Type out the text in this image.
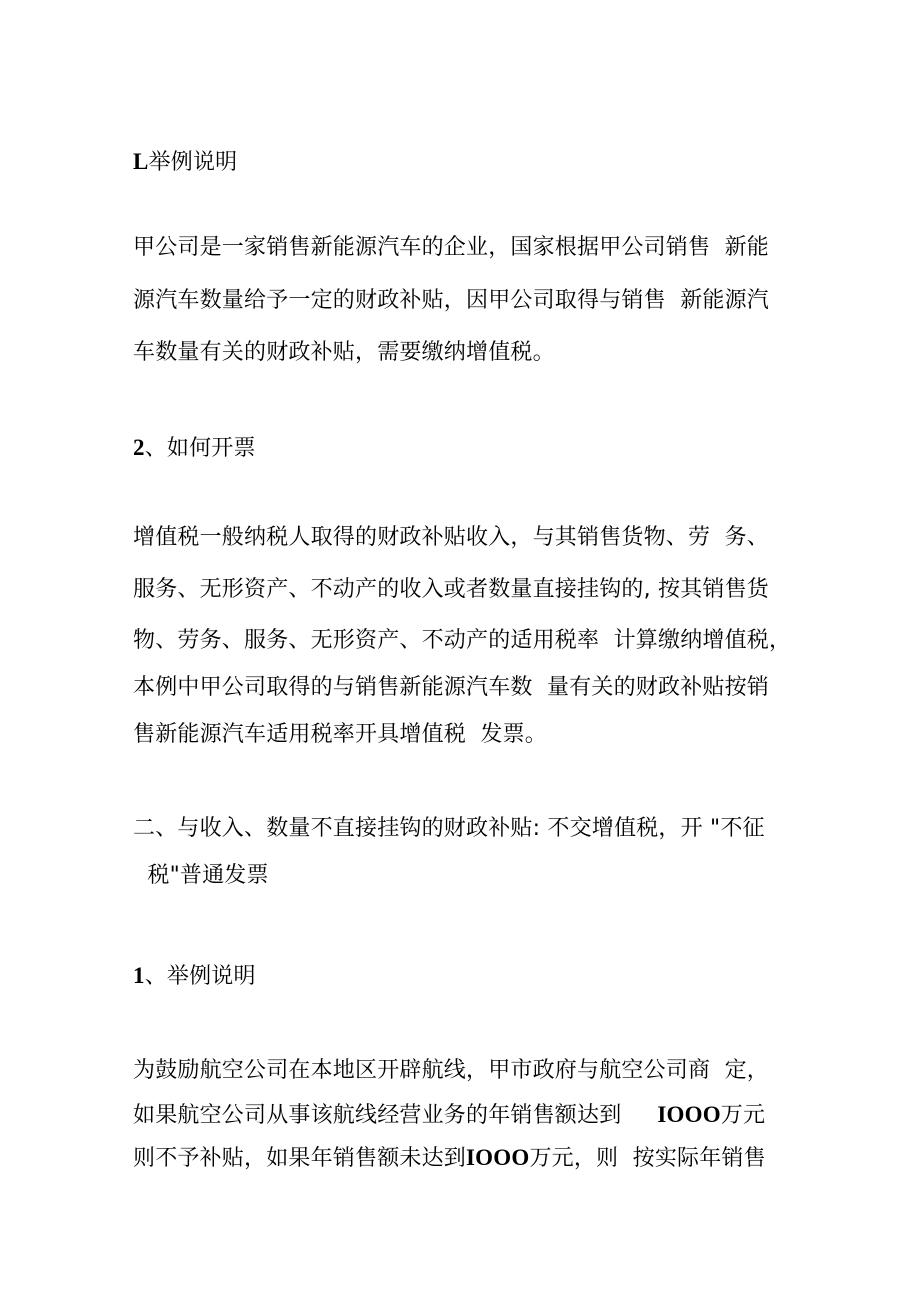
L举例说明
甲公司是一家销售新能源汽车的企业，国家根据甲公司销售  新能
源汽车数量给予一定的财政补贴，因甲公司取得与销售  新能源汽
车数量有关的财政补贴，需要缴纳增值税。
2、如何开票
增值税一般纳税人取得的财政补贴收入，与其销售货物、劳  务、
服务、无形资产、不动产的收入或者数量直接挂钩的, 按其销售货
物、劳务、服务、无形资产、不动产的适用税率  计算缴纳增值税，
本例中甲公司取得的与销售新能源汽车数  量有关的财政补贴按销
售新能源汽车适用税率开具增值税  发票。
二、与收入、数量不直接挂钩的财政补贴: 不交增值税，开 "不征
税"普通发票
1、举例说明
为鼓励航空公司在本地区开辟航线，甲市政府与航空公司商  定，
如果航空公司从事该航线经营业务的年销售额达到     IOOO万元
则不予补贴，如果年销售额未达到IOOO万元，则  按实际年销售
